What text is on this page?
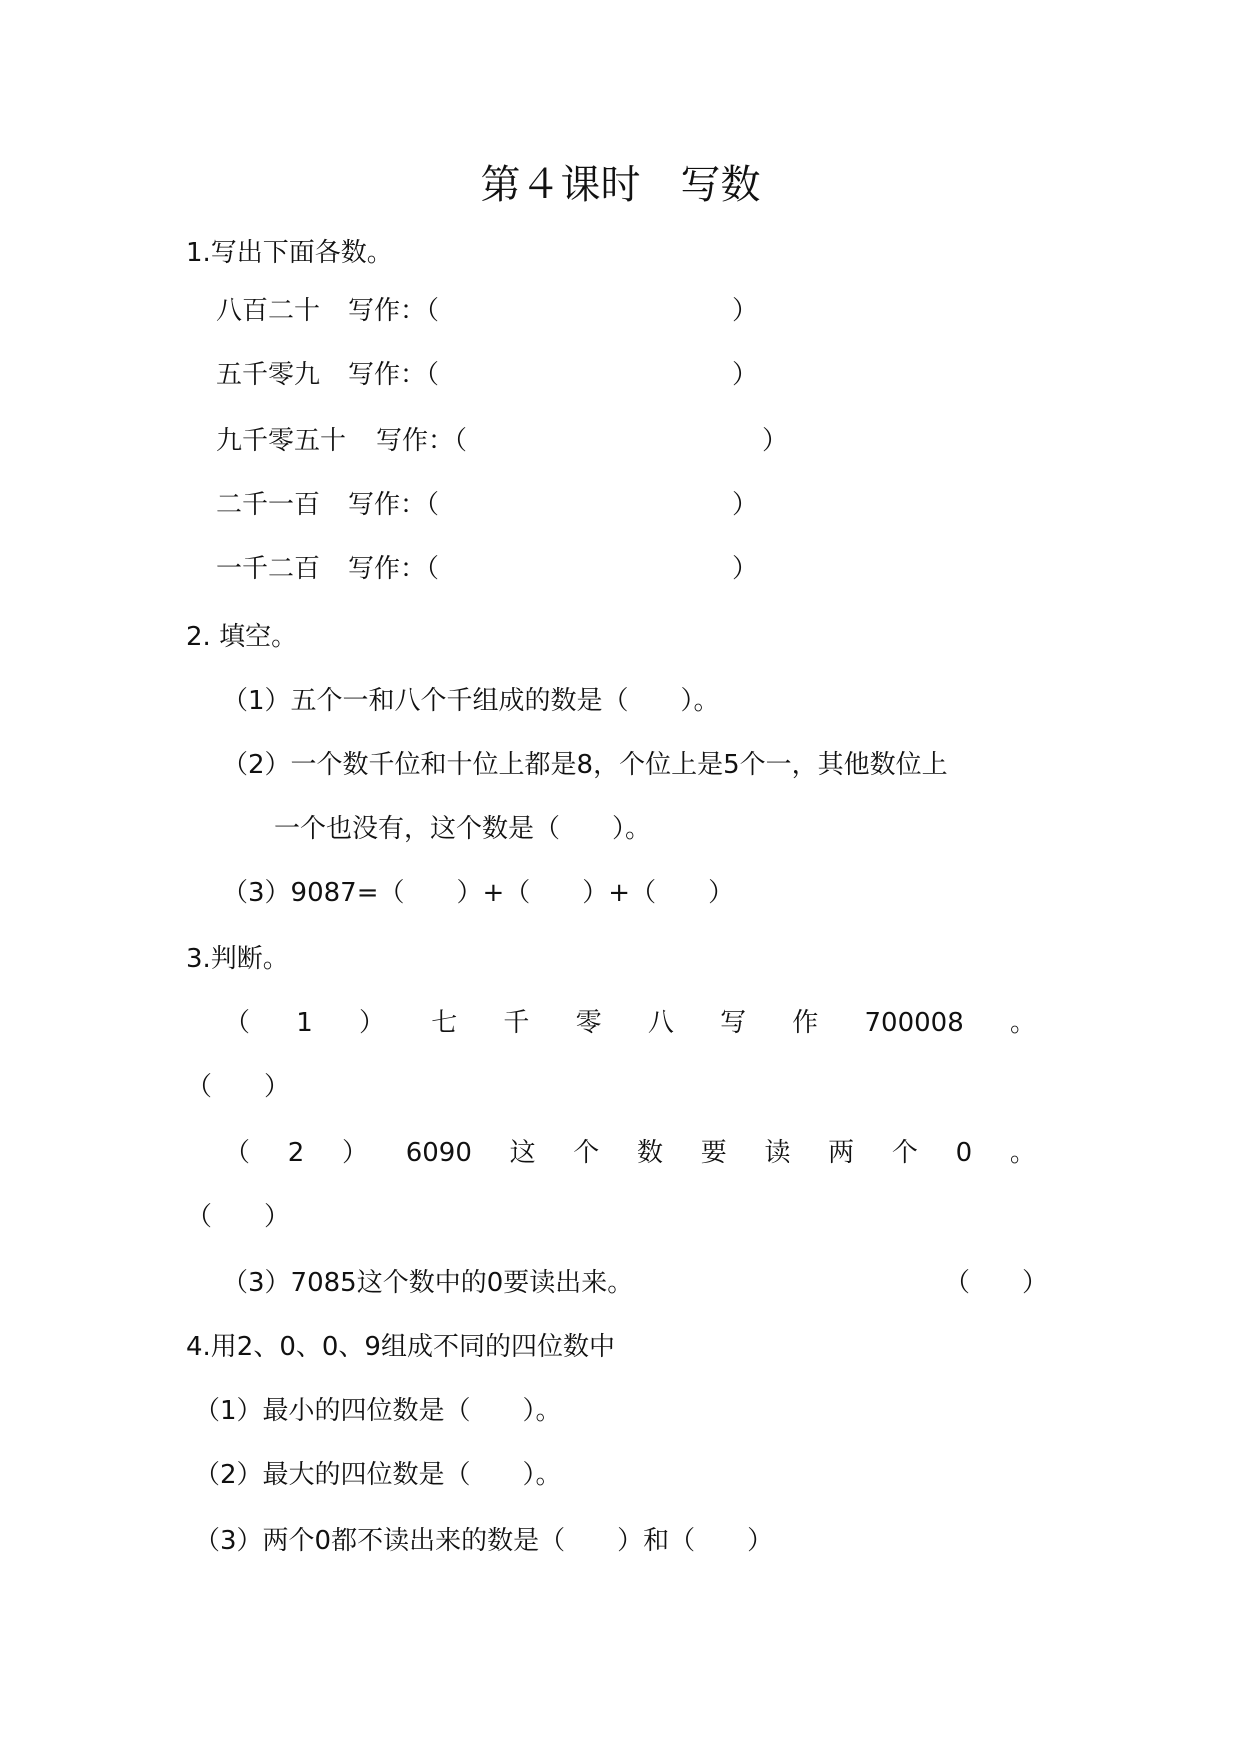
第４课时　写数
1.写出下面各数。
八百二十 写作：（	）
五千零九 写作：（	）
九千零五十 写作：（	）
二千一百 写作：（	）
一千二百 写作：（	）
2. 填空。
（1）五个一和八个千组成的数是（　　）。
（2）一个数千位和十位上都是8，个位上是5个一，其他数位上
一个也没有，这个数是（　　）。
（3）9087=（　　）+（　　）+（　　）
3.判断。
（ 1 ） 七 千 零 八 写 作 700008 。
（　　）
（ 2 ） 6090 这 个 数 要 读 两 个 0 。
（　　）
（3）7085这个数中的0要读出来。	（　　）
4.用2、0、0、9组成不同的四位数中
（1）最小的四位数是（　　）。
（2）最大的四位数是（　　）。
（3）两个0都不读出来的数是（　　）和（　　）
